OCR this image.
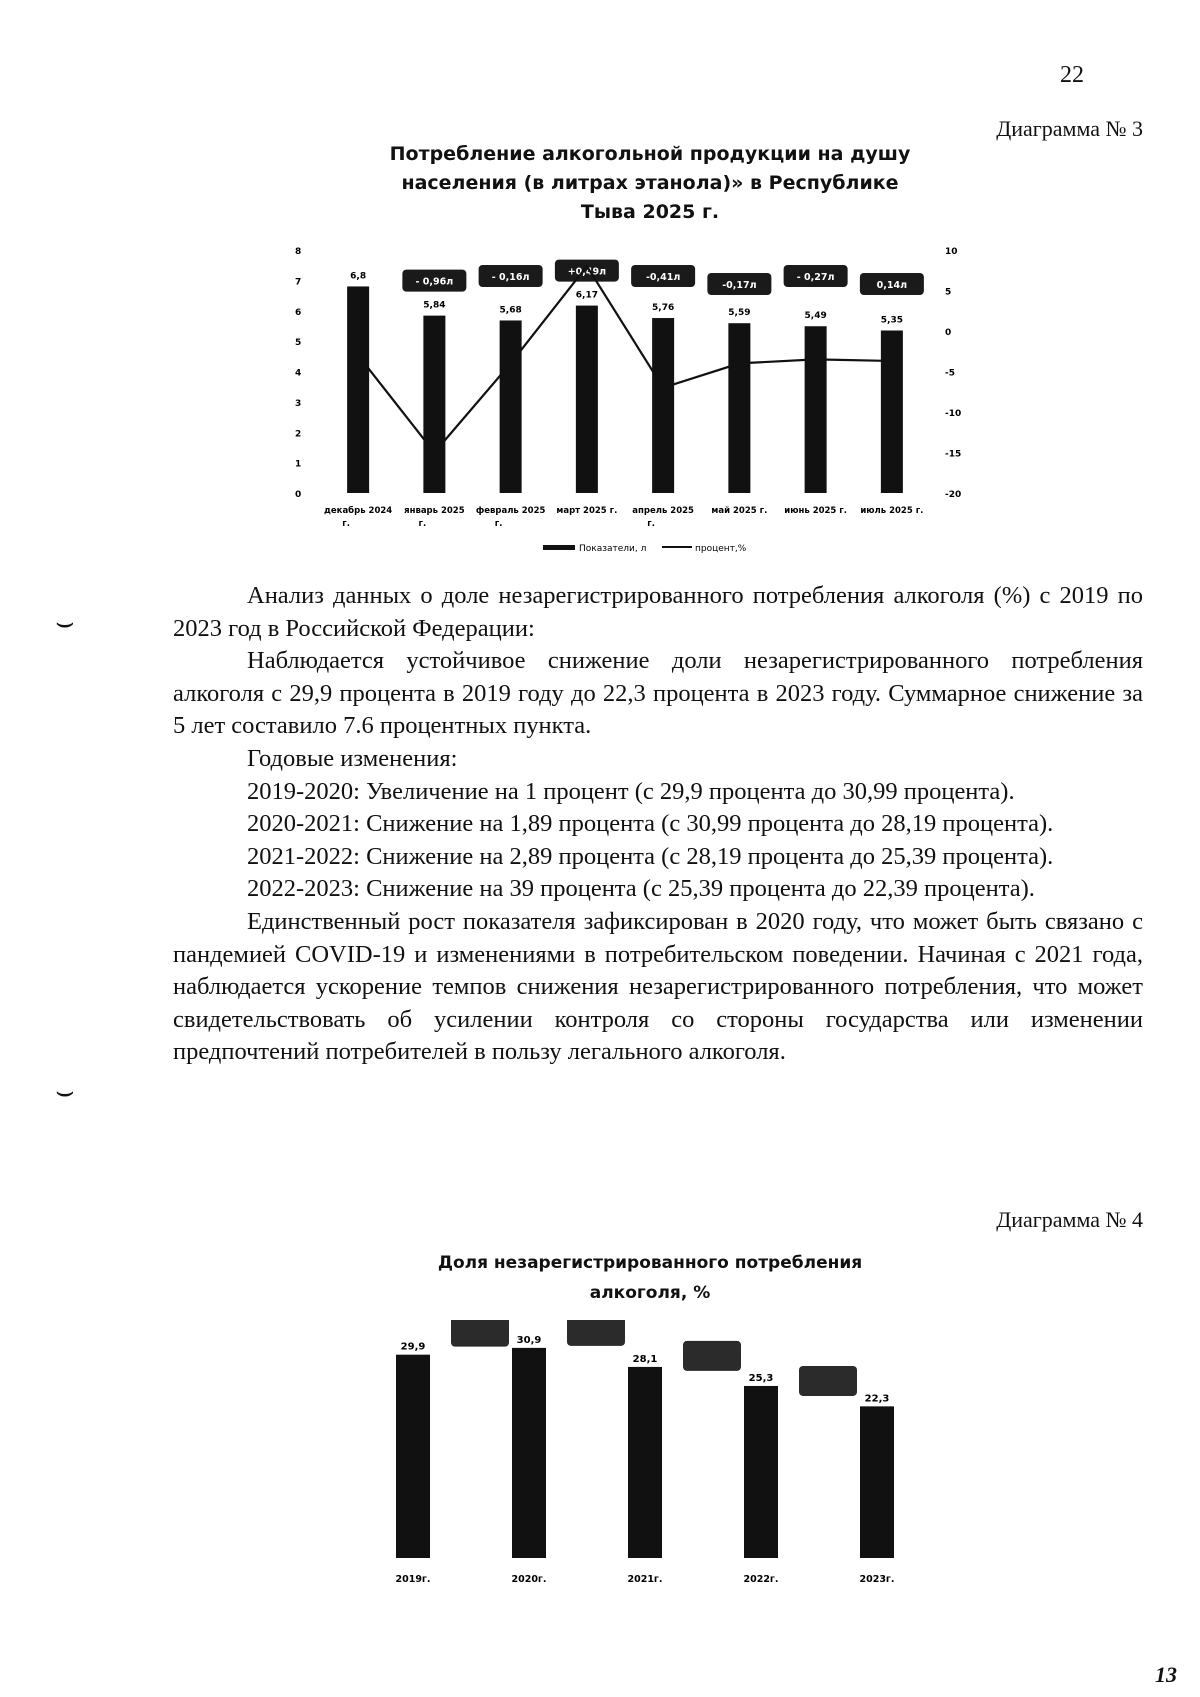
22
Диаграмма № 3
Потребление алкогольной продукции на душу
населения (в литрах этанола)» в Республике
Тыва 2025 г.
0
1
2
3
4
5
6
7
8
-20
-15
-10
-5
0
5
10
6,8
декабрь 2024
г.
5,84
- 0,96л
январь 2025
г.
5,68
- 0,16л
февраль 2025
г.
6,17
+0,49л
март 2025 г.
5,76
-0,41л
апрель 2025
г.
5,59
-0,17л
май 2025 г.
5,49
- 0,27л
июнь 2025 г.
5,35
0,14л
июль 2025 г.
Показатели, л	процент,%
⌣
⌣

Анализ данных о доле незарегистрированного потребления алкоголя (%) с 2019 по 2023 год в Российской Федерации:

Наблюдается устойчивое снижение доли незарегистрированного потребления алкоголя с 29,9 процента в 2019 году до 22,3 процента в 2023 году. Суммарное снижение за 5 лет составило 7.6 процентных пункта.

Годовые изменения:

2019-2020: Увеличение на 1 процент (с 29,9 процента до 30,99 процента).

2020-2021: Снижение на 1,89 процента (с 30,99 процента до 28,19 процента).

2021-2022: Снижение на 2,89 процента (с 28,19 процента до 25,39 процента).

2022-2023: Снижение на 39 процента (с 25,39 процента до 22,39 процента).

Единственный рост показателя зафиксирован в 2020 году, что может быть связано с пандемией COVID-19 и изменениями в потребительском поведении. Начиная с 2021 года, наблюдается ускорение темпов снижения незарегистрированного потребления, что может свидетельствовать об усилении контроля со стороны государства или изменении предпочтений потребителей в пользу легального алкоголя.

Диаграмма № 4
Доля незарегистрированного потребления
алкоголя, %
29,9
2019г.
30,9
2020г.
28,1
2021г.
25,3
2022г.
22,3
2023г.
13
